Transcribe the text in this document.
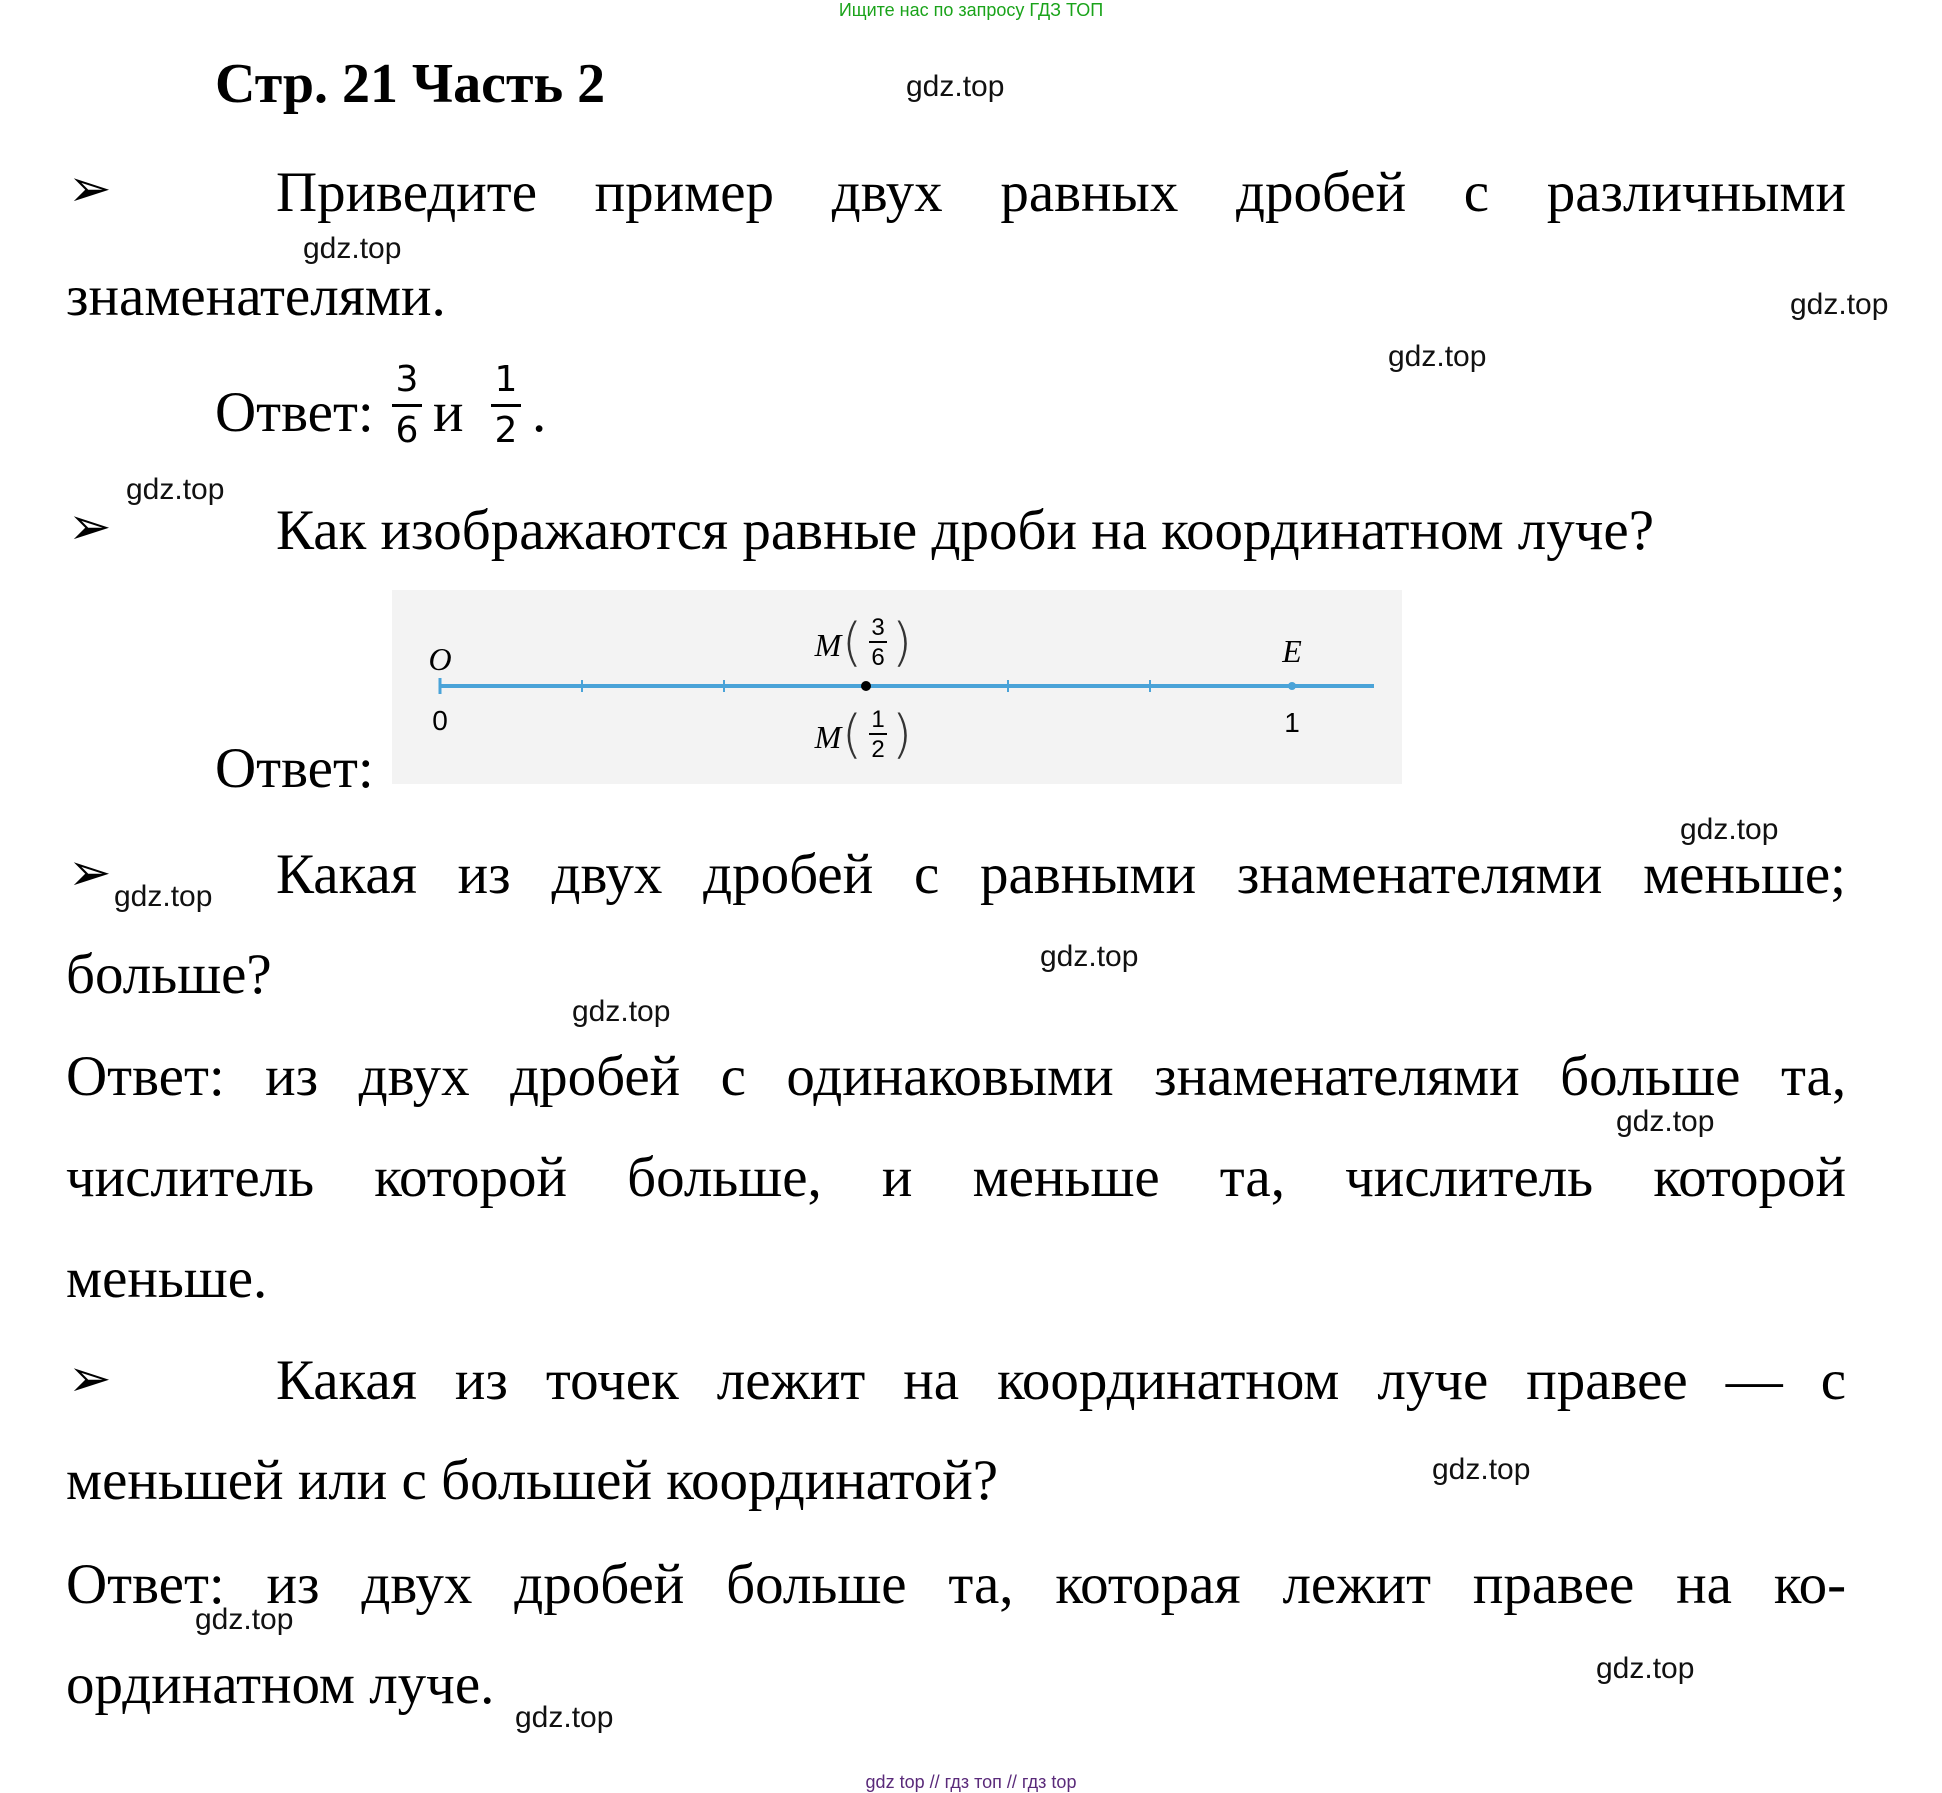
Ищите нас по запросу ГДЗ ТОП
Стр. 21 Часть 2	gdz.top
gdz.top
gdz.top
gdz.top
gdz.top
gdz.top
gdz.top
gdz.top
gdz.top
gdz.top
gdz.top
gdz.top
gdz.top
gdz.top
➢	Приведите пример двух равных дробей с различными
знаменателями.
Ответ:
3
6 и
1
2 .
➢	Как изображаются равные дроби на координатном луче?
Ответ:
O	E
0	1
M ( 3
6 )
M ( 1
2 )
➢	Какая из двух дробей с равными знаменателями меньше;
больше?
Ответ: из двух дробей с одинаковыми знаменателями больше та,
числитель которой больше, и меньше та, числитель которой
меньше.
➢	Какая из точек лежит на координатном луче правее — с
меньшей или с большей координатой?
Ответ: из двух дробей больше та, которая лежит правее на ко-
ординатном луче.
gdz top // гдз топ // гдз top
